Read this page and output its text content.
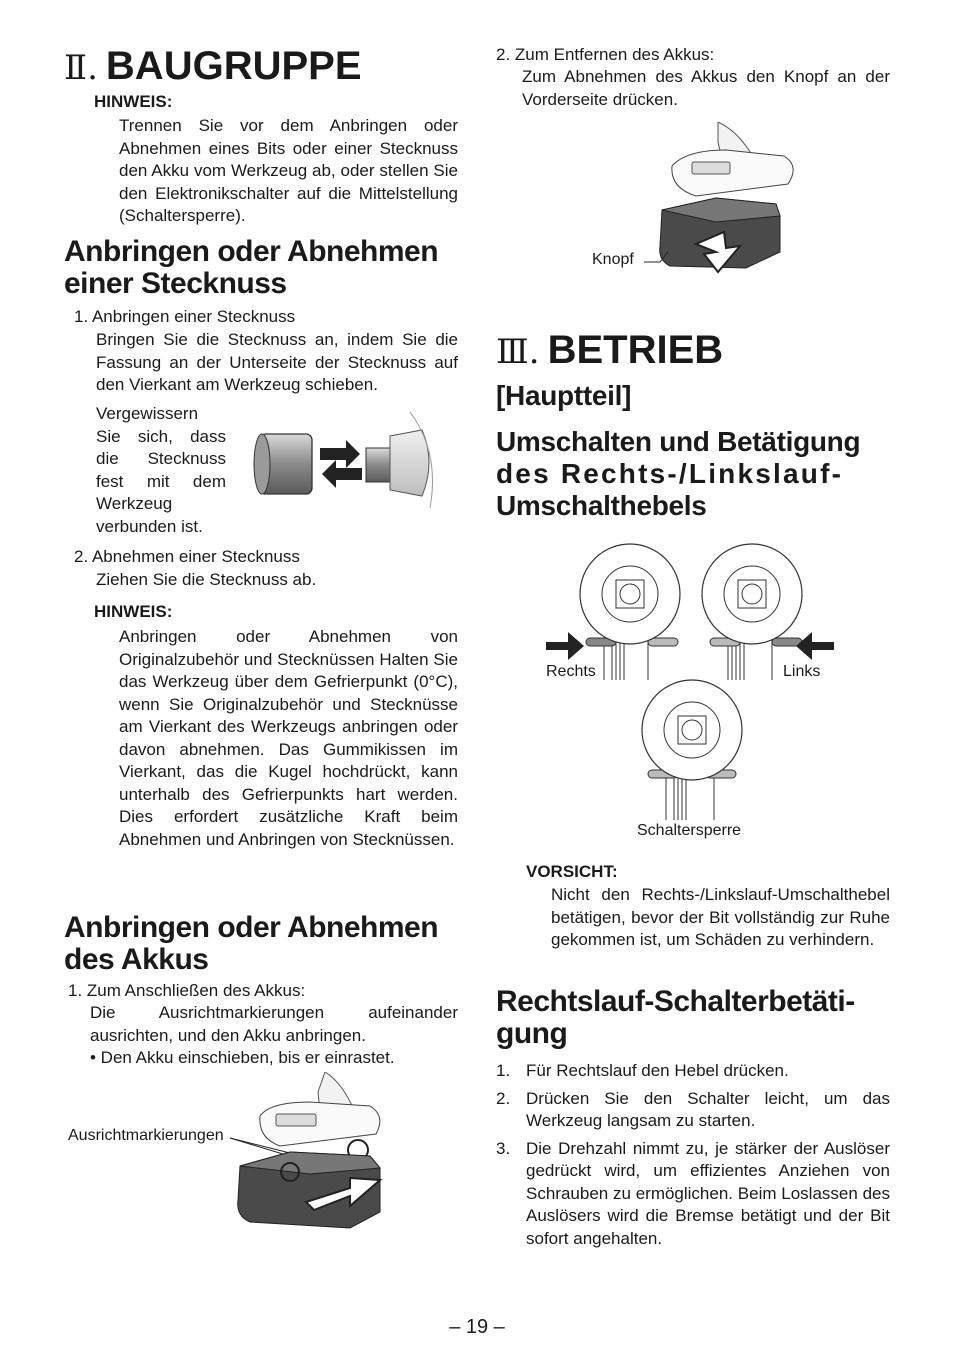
Ⅱ. BAUGRUPPE
HINWEIS:
Trennen Sie vor dem Anbringen oder Abnehmen eines Bits oder einer Stecknuss den Akku vom Werkzeug ab, oder stellen Sie den Elektronikschalter auf die Mittelstellung (Schaltersperre).
Anbringen oder Abnehmen
einer Stecknuss
1. Anbringen einer Stecknuss
Bringen Sie die Stecknuss an, indem Sie die Fassung an der Unterseite der Stecknuss auf den Vierkant am Werkzeug schieben.
Vergewissern Sie sich, dass die Stecknuss fest mit dem Werkzeug verbunden ist.
2. Abnehmen einer Stecknuss
Ziehen Sie die Stecknuss ab.
HINWEIS:
Anbringen oder Abnehmen von Originalzubehör und Stecknüssen Halten Sie das Werkzeug über dem Gefrierpunkt (0°C), wenn Sie Originalzubehör und Stecknüsse am Vierkant des Werkzeugs anbringen oder davon abnehmen. Das Gummikissen im Vierkant, das die Kugel hochdrückt, kann unterhalb des Gefrierpunkts hart werden. Dies erfordert zusätzliche Kraft beim Abnehmen und Anbringen von Stecknüssen.
Anbringen oder Abnehmen
des Akkus
1. Zum Anschließen des Akkus:
Die Ausrichtmarkierungen aufeinander ausrichten, und den Akku anbringen.
• Den Akku einschieben, bis er einrastet.
Ausrichtmarkierungen
2. Zum Entfernen des Akkus:
Zum Abnehmen des Akkus den Knopf an der Vorderseite drücken.
Knopf
Ⅲ. BETRIEB
[Hauptteil]
Umschalten und Betätigung
des Rechts-/Linkslauf-
Umschalthebels
Rechts	Links
Schaltersperre
VORSICHT:
Nicht den Rechts-/Linkslauf-Umschalthebel betätigen, bevor der Bit vollständig zur Ruhe gekommen ist, um Schäden zu verhindern.
Rechtslauf-Schalterbetäti-
gung
1. Für Rechtslauf den Hebel drücken.
2. Drücken Sie den Schalter leicht, um das Werkzeug langsam zu starten.
3. Die Drehzahl nimmt zu, je stärker der Auslöser gedrückt wird, um effizientes Anziehen von Schrauben zu ermöglichen. Beim Loslassen des Auslösers wird die Bremse betätigt und der Bit sofort angehalten.
– 19 –
